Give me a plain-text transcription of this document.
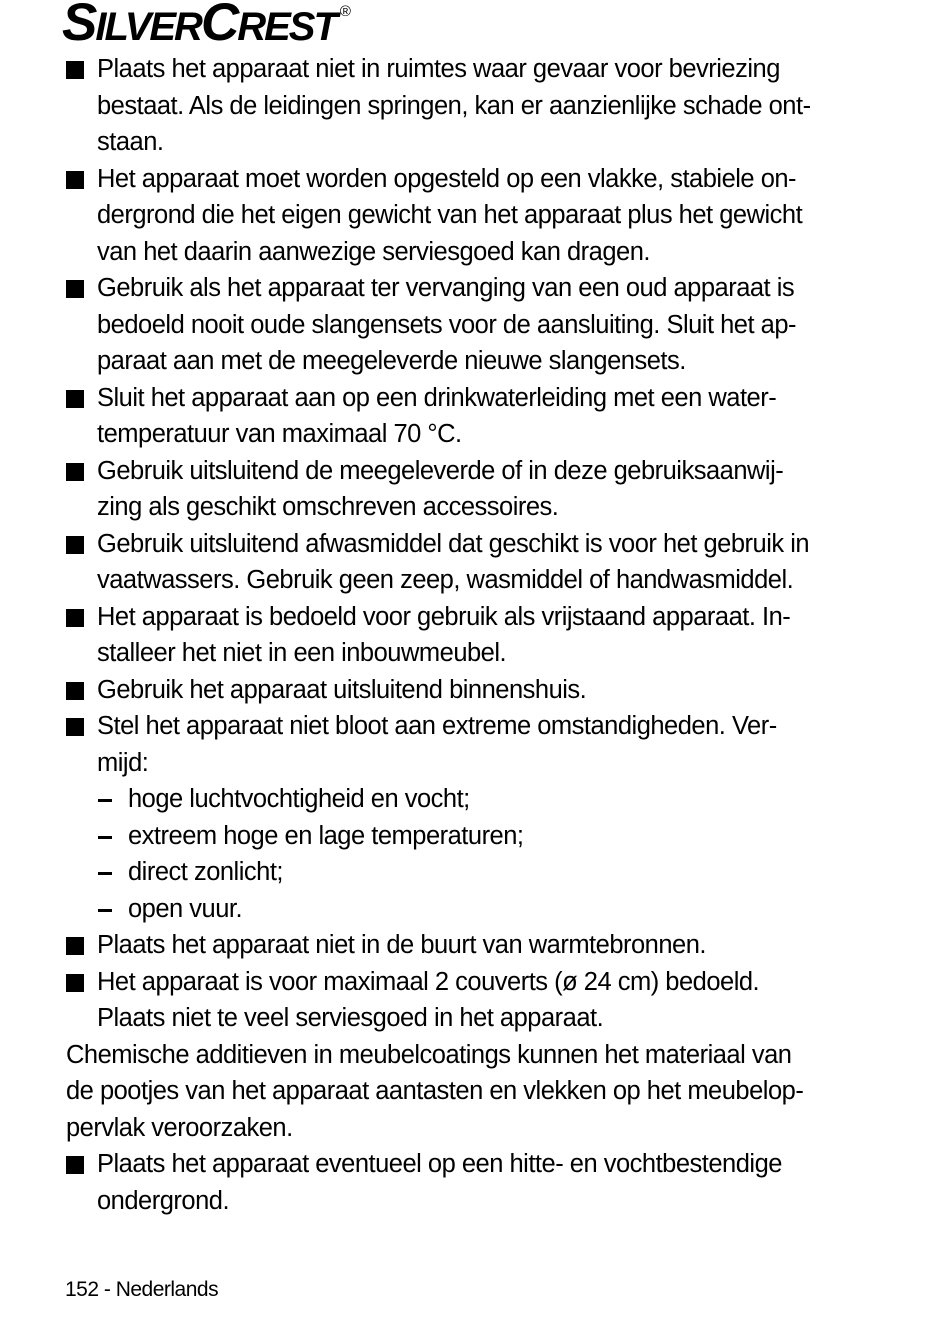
SILVERCREST ®
Plaats het apparaat niet in ruimtes waar gevaar voor bevriezing
bestaat. Als de leidingen springen, kan er aanzienlijke schade ont-
staan.
Het apparaat moet worden opgesteld op een vlakke, stabiele on-
dergrond die het eigen gewicht van het apparaat plus het gewicht
van het daarin aanwezige serviesgoed kan dragen.
Gebruik als het apparaat ter vervanging van een oud apparaat is
bedoeld nooit oude slangensets voor de aansluiting. Sluit het ap-
paraat aan met de meegeleverde nieuwe slangensets.
Sluit het apparaat aan op een drinkwaterleiding met een water-
temperatuur van maximaal 70 °C.
Gebruik uitsluitend de meegeleverde of in deze gebruiksaanwij-
zing als geschikt omschreven accessoires.
Gebruik uitsluitend afwasmiddel dat geschikt is voor het gebruik in
vaatwassers. Gebruik geen zeep, wasmiddel of handwasmiddel.
Het apparaat is bedoeld voor gebruik als vrijstaand apparaat. In-
stalleer het niet in een inbouwmeubel.
Gebruik het apparaat uitsluitend binnenshuis.
Stel het apparaat niet bloot aan extreme omstandigheden. Ver-
mijd:
hoge luchtvochtigheid en vocht;
extreem hoge en lage temperaturen;
direct zonlicht;
open vuur.
Plaats het apparaat niet in de buurt van warmtebronnen.
Het apparaat is voor maximaal 2 couverts (ø 24 cm) bedoeld.
Plaats niet te veel serviesgoed in het apparaat.
Chemische additieven in meubelcoatings kunnen het materiaal van
de pootjes van het apparaat aantasten en vlekken op het meubelop-
pervlak veroorzaken.
Plaats het apparaat eventueel op een hitte- en vochtbestendige
ondergrond.
152 - Nederlands
